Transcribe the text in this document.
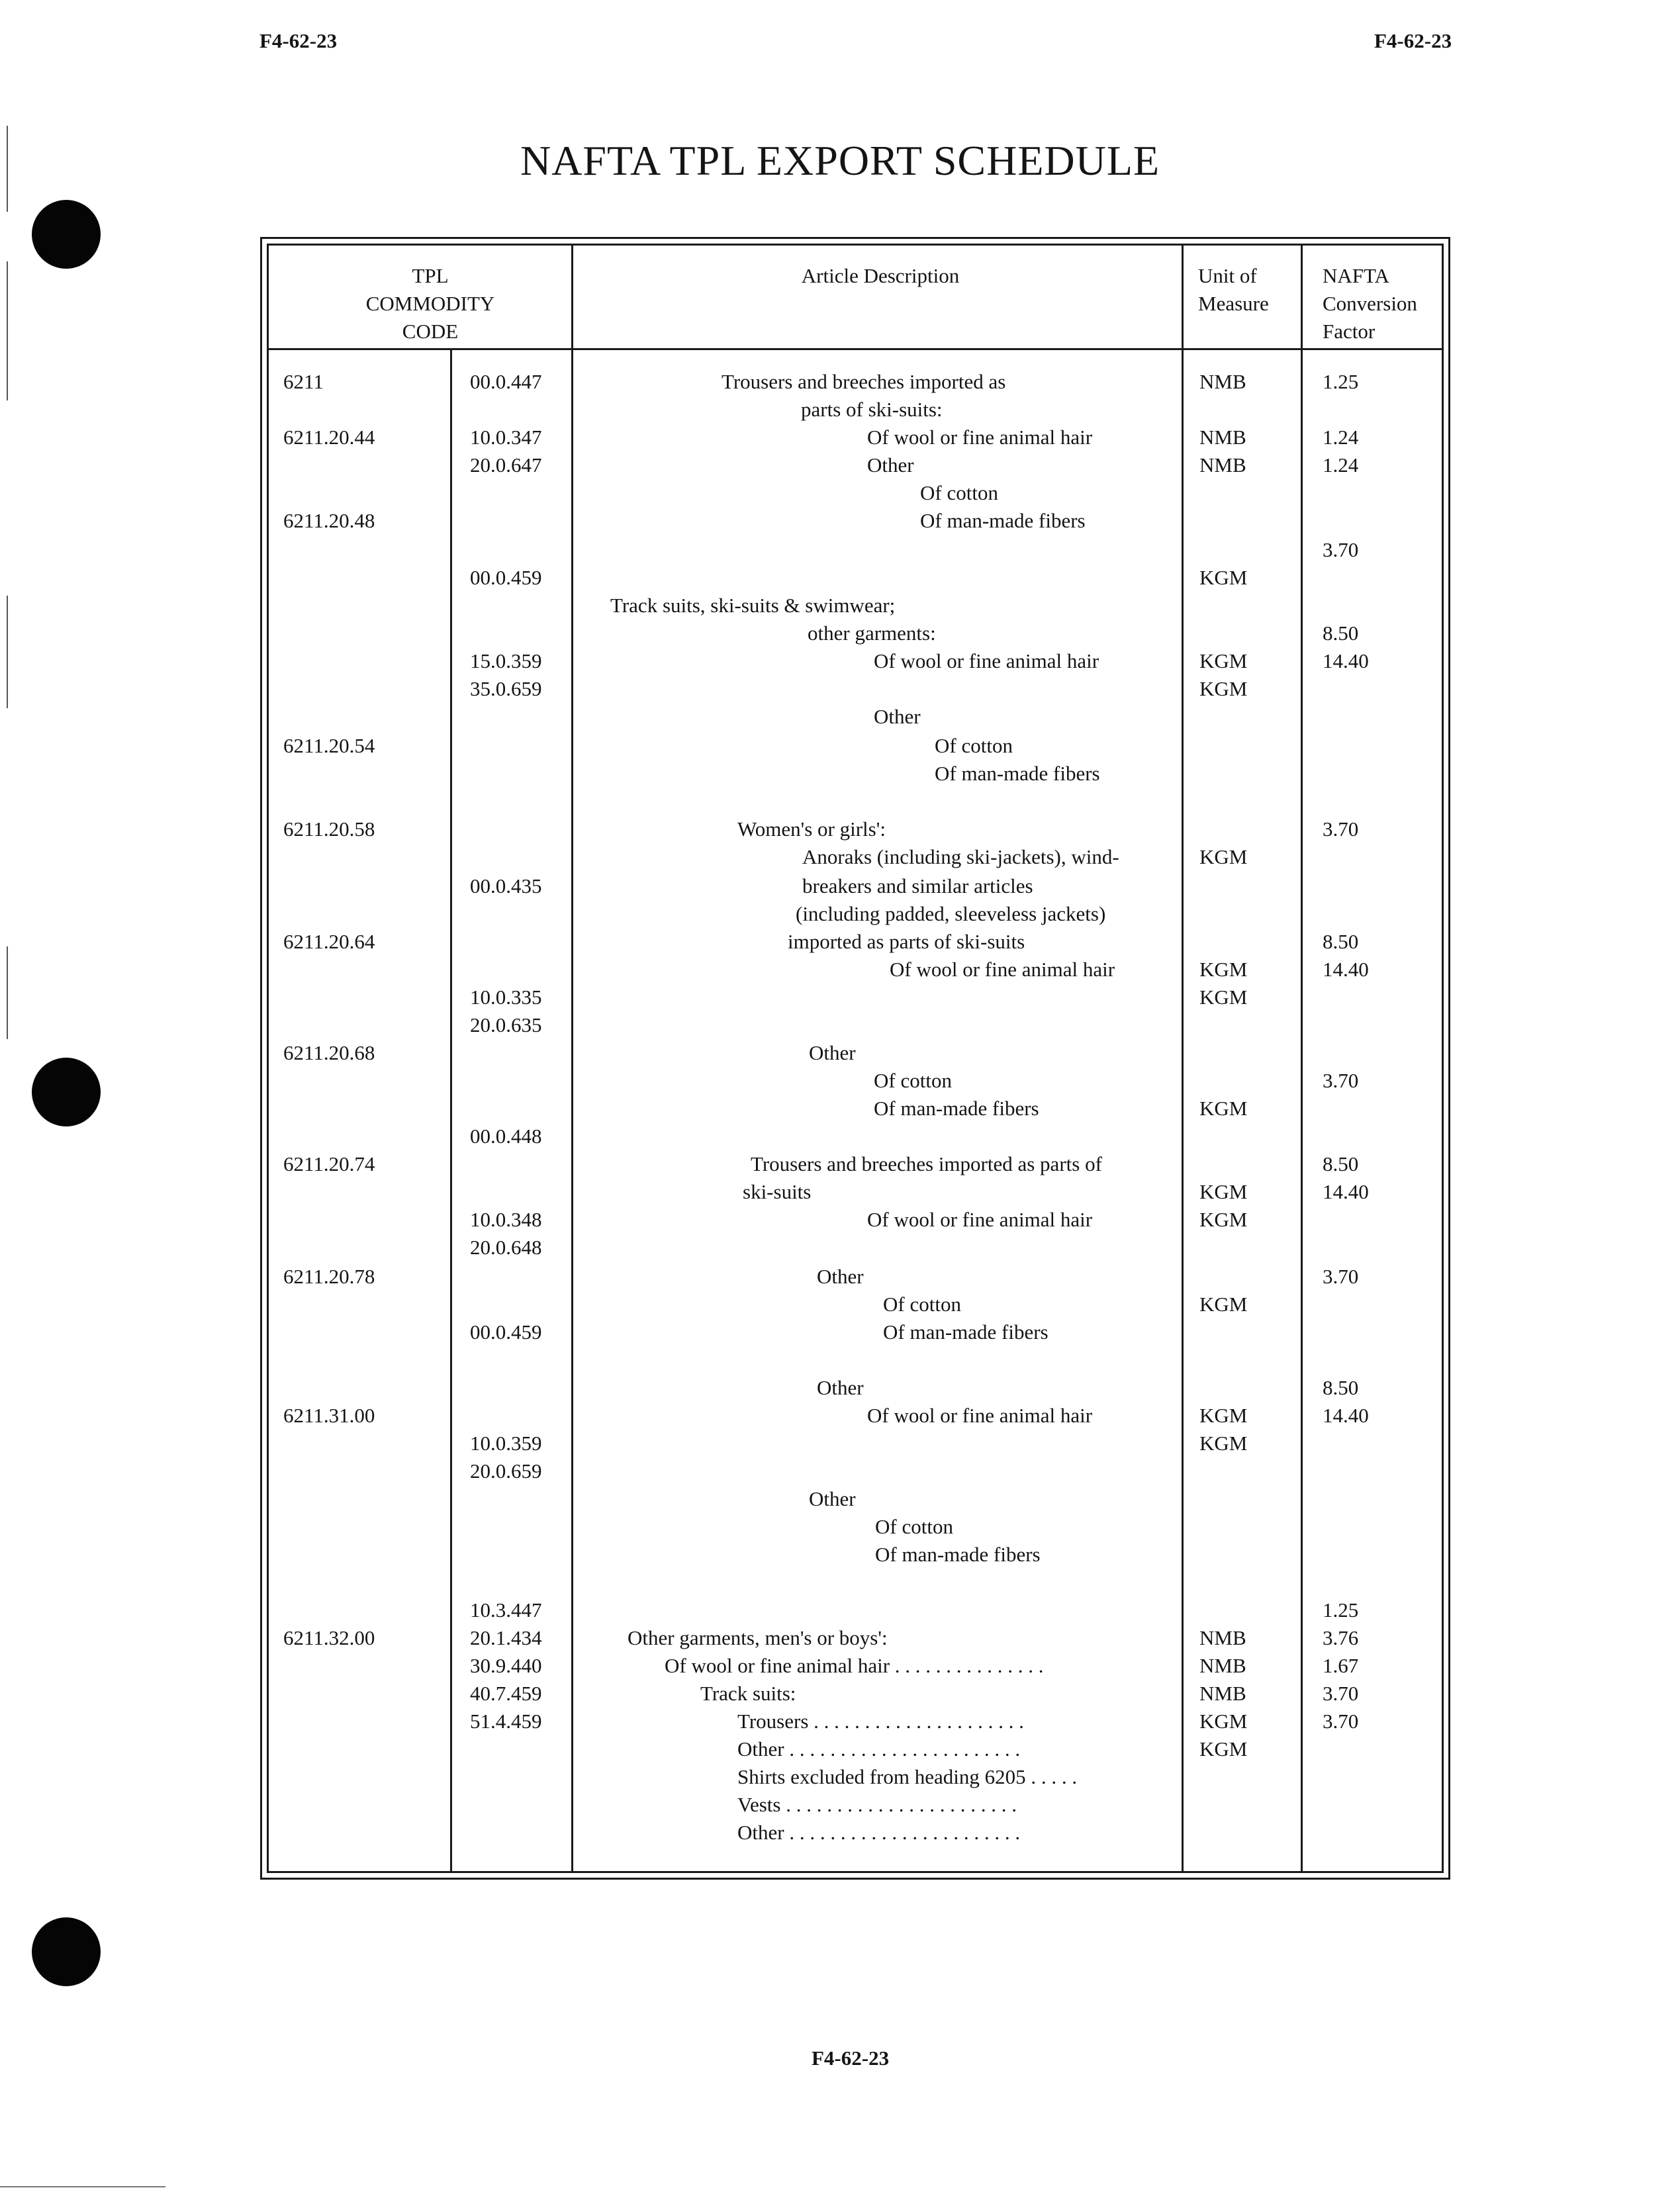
F4-62-23	F4-62-23
NAFTA TPL EXPORT SCHEDULE
TPL
COMMODITY
CODE
Article Description	Unit of
Measure
NAFTA
Conversion
Factor
6211
6211.20.44
6211.20.48
6211.20.54
6211.20.58
6211.20.64
6211.20.68
6211.20.74
6211.20.78
6211.31.00
6211.32.00
00.0.447
10.0.347
20.0.647
00.0.459
15.0.359
35.0.659
00.0.435
10.0.335
20.0.635
00.0.448
10.0.348
20.0.648
00.0.459
10.0.359
20.0.659
10.3.447
20.1.434
30.9.440
40.7.459
51.4.459
Trousers and breeches imported as
parts of ski-suits:
Of wool or fine animal hair
Other
Of cotton
Of man-made fibers
Track suits, ski-suits & swimwear;
other garments:
Of wool or fine animal hair
Other
Of cotton
Of man-made fibers
Women's or girls':
Anoraks (including ski-jackets), wind-
breakers and similar articles
(including padded, sleeveless jackets)
imported as parts of ski-suits
Of wool or fine animal hair
Other
Of cotton
Of man-made fibers
Trousers and breeches imported as parts of
ski-suits
Of wool or fine animal hair
Other
Of cotton
Of man-made fibers
Other
Of wool or fine animal hair
Other
Of cotton
Of man-made fibers
Other garments, men's or boys':
Of wool or fine animal hair . . . . . . . . . . . . . . .
Track suits:
Trousers . . . . . . . . . . . . . . . . . . . . .
Other . . . . . . . . . . . . . . . . . . . . . . .
Shirts excluded from heading 6205 . . . . .
Vests . . . . . . . . . . . . . . . . . . . . . . .
Other . . . . . . . . . . . . . . . . . . . . . . .
NMB
NMB
NMB
KGM
KGM
KGM
KGM
KGM
KGM
KGM
KGM
KGM
KGM
KGM
KGM
NMB
NMB
NMB
KGM
KGM
1.25
1.24
1.24
3.70
8.50
14.40
3.70
8.50
14.40
3.70
8.50
14.40
3.70
8.50
14.40
1.25
3.76
1.67
3.70
3.70
F4-62-23
